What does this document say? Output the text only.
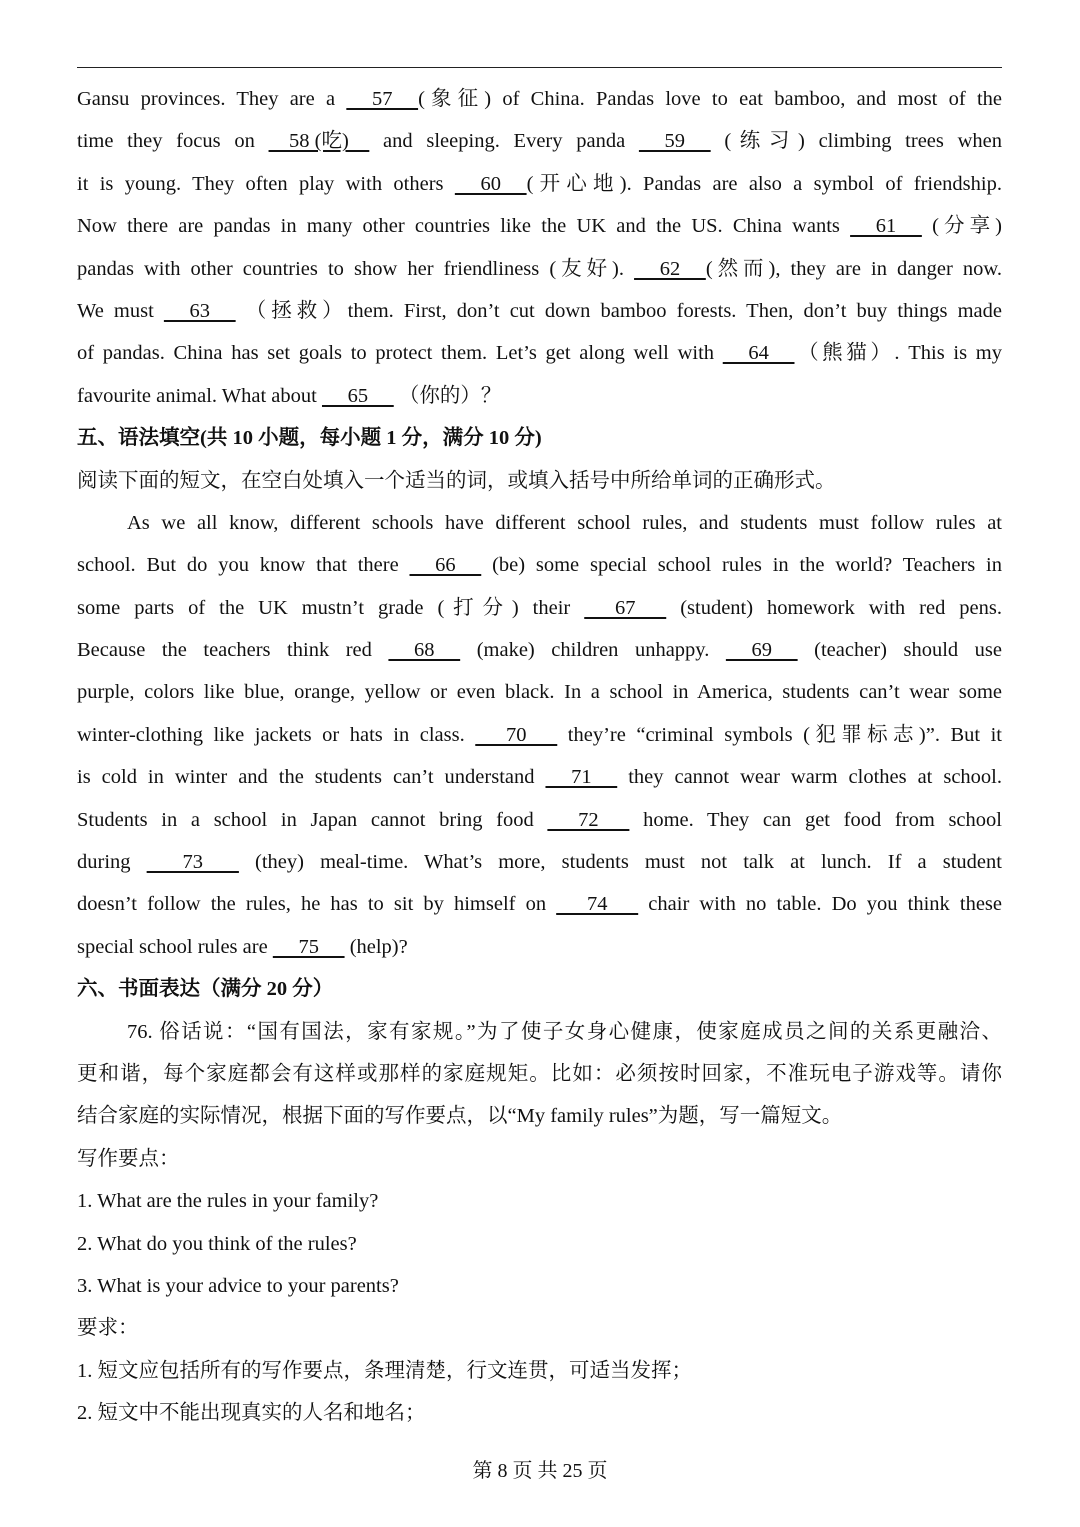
Gansu provinces. They are a      57     (象征) of China. Pandas love to eat bamboo, and most of the
time they focus on     58 (吃)     and sleeping. Every panda      59      (练习) climbing trees when
it is young. They often play with others      60     (开心地). Pandas are also a symbol of friendship.
Now there are pandas in many other countries like the UK and the US. China wants      61      (分享)
pandas with other countries to show her friendliness (友好).      62     (然而), they are in danger now.
We must      63      （拯救）them. First, don’t cut down bamboo forests. Then, don’t buy things made
of pandas. China has set goals to protect them. Let’s get along well with      64     （熊猫）. This is my
favourite animal. What about      65      （你的）？
五、语法填空(共 10 小题，每小题 1 分，满分 10 分)
阅读下面的短文，在空白处填入一个适当的词，或填入括号中所给单词的正确形式。
As we all know, different schools have different school rules, and students must follow rules at
school. But do you know that there      66      (be) some special school rules in the world? Teachers in
some parts of the UK mustn’t grade (打分) their       67       (student) homework with red pens.
Because the teachers think red      68      (make) children unhappy.      69      (teacher) should use
purple, colors like blue, orange, yellow or even black. In a school in America, students can’t wear some
winter-clothing like jackets or hats in class.       70       they’re “criminal symbols (犯罪标志)”. But it
is cold in winter and the students can’t understand      71      they cannot wear warm clothes at school.
Students in a school in Japan cannot bring food       72       home. They can get food from school
during        73        (they) meal-time. What’s more, students must not talk at lunch. If a student
doesn’t follow the rules, he has to sit by himself on       74       chair with no table. Do you think these
special school rules are      75      (help)?
六、书面表达（满分 20 分）
76. 俗话说：“国有国法，家有家规。”为了使子女身心健康，使家庭成员之间的关系更融洽、
更和谐，每个家庭都会有这样或那样的家庭规矩。比如：必须按时回家，不准玩电子游戏等。请你
结合家庭的实际情况，根据下面的写作要点，以“My family rules”为题，写一篇短文。
写作要点：
1. What are the rules in your family?
2. What do you think of the rules?
3. What is your advice to your parents?
要求：
1. 短文应包括所有的写作要点，条理清楚，行文连贯，可适当发挥；
2. 短文中不能出现真实的人名和地名；
第 8 页 共 25 页
